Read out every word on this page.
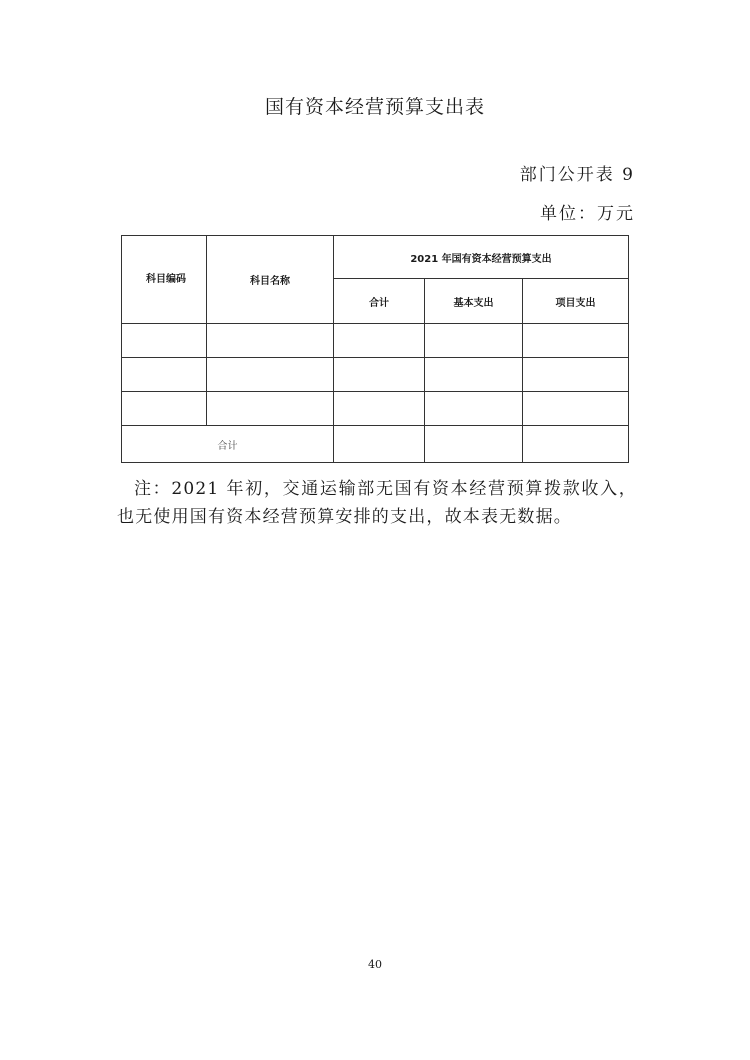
国有资本经营预算支出表
部门公开表 9
单位：万元
科目编码	科目名称	2021 年国有资本经营预算支出		
		合计	基本支出	项目支出

合计				
注：2021 年初，交通运输部无国有资本经营预算拨款收入，也无使用国有资本经营预算安排的支出，故本表无数据。
40
